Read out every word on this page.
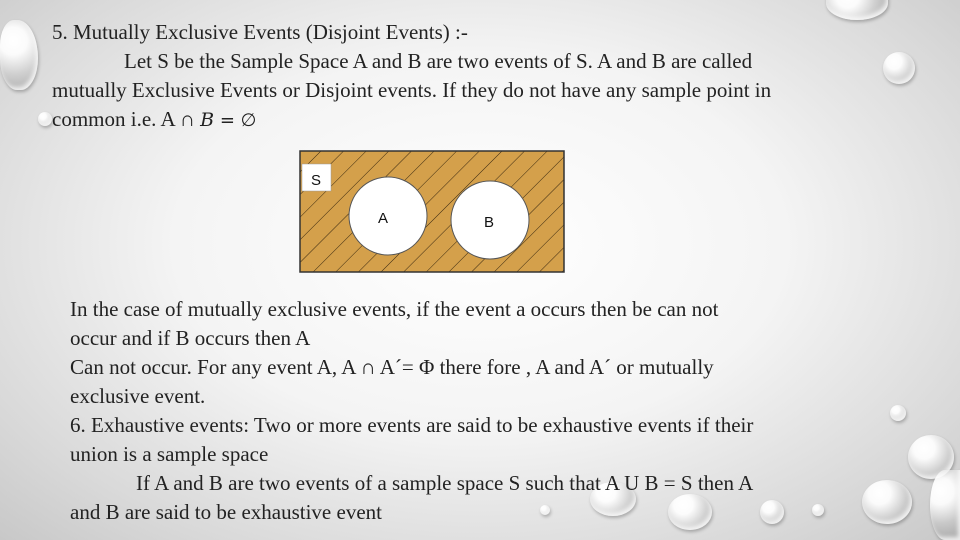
5. Mutually Exclusive Events (Disjoint Events) :-
Let S be the Sample Space A and B are two events of S. A and B are called
mutually Exclusive Events or Disjoint events. If they do not have any sample point in
common i.e. A ∩ B = ∅
S
A	B
In the case of mutually exclusive events, if the event a occurs then be can not
occur and if B occurs then A
Can not occur. For any event A, A ∩ A´= Φ there fore , A and A´ or mutually
exclusive event.
6. Exhaustive events: Two or more events are said to be exhaustive events if their
union is a sample space
If A and B are two events of a sample space S such that A U B = S then A
and B are said to be exhaustive event
